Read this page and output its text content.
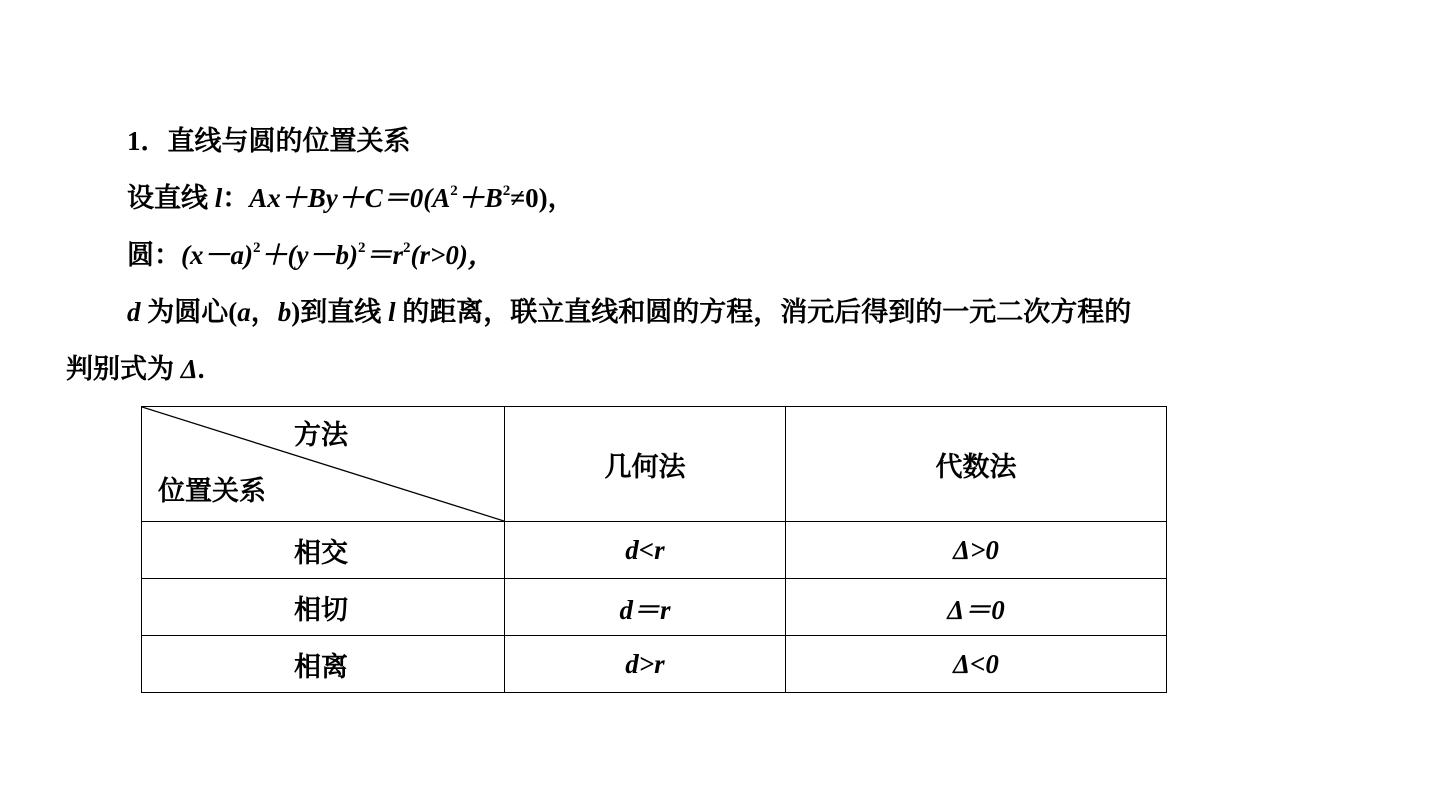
1．直线与圆的位置关系
设直线 l：$Ax+By+C=0(A^2+B^2\ne 0)$，
圆：$(x-a)^2+(y-b)^2=r^2(r>0)$，
d 为圆心(a，b)到直线 l 的距离，联立直线和圆的方程，消元后得到的一元二次方程的
判别式为 Δ.
方法
位置关系	几何法	代数法
相交	d<r	Δ>0
相切	d＝r	Δ＝0
相离	d>r	Δ<0
